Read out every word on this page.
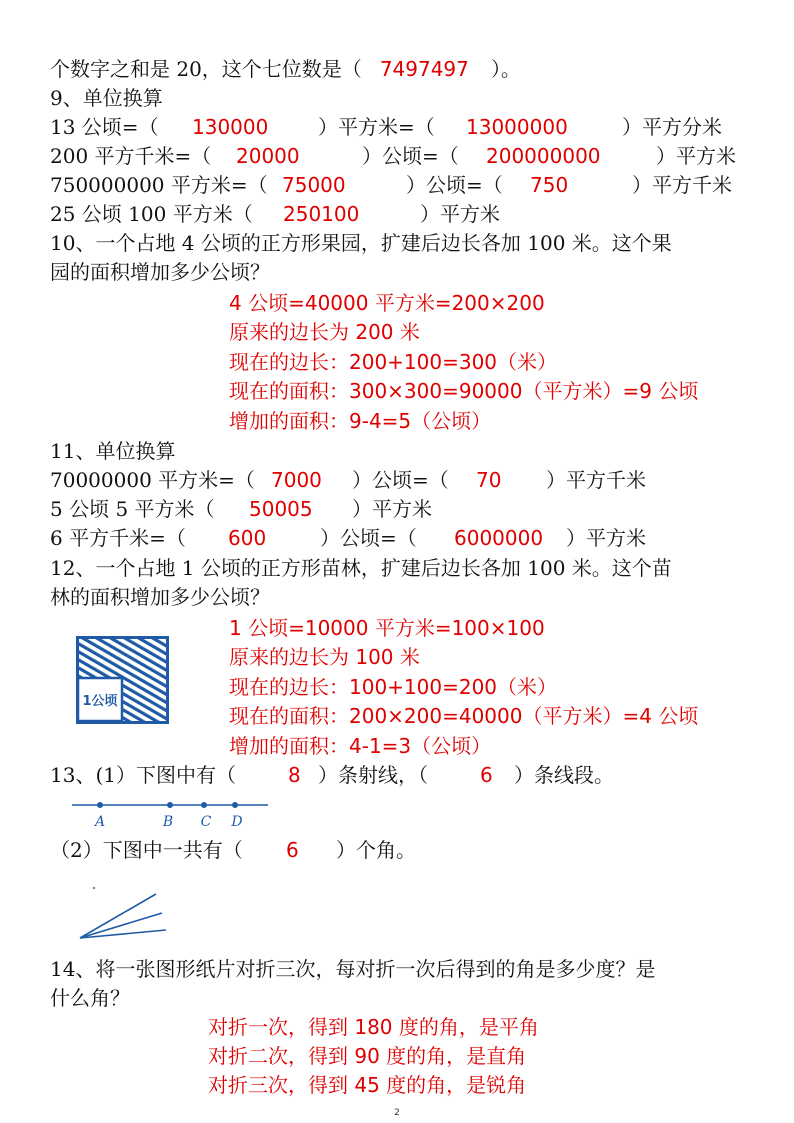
个数字之和是 20，这个七位数是（ 7497497 ）。
9、单位换算
13 公顷=（ 130000 ）平方米=（ 13000000	）平方分米
200 平方千米=（ 20000	）公顷=（ 200000000	）平方米
750000000 平方米=（ 75000	）公顷=（ 750	）平方千米
25 公顷 100 平方米（ 250100	）平方米
10、一个占地 4 公顷的正方形果园，扩建后边长各加 100 米。这个果
园的面积增加多少公顷？
4 公顷=40000 平方米=200×200
原来的边长为 200 米
现在的边长：200+100=300（米）
现在的面积：300×300=90000（平方米）=9 公顷
增加的面积：9-4=5（公顷）
11、单位换算
70000000 平方米=（ 7000 ）公顷=（ 70 ）平方千米
5 公顷 5 平方米（ 50005 ）平方米
6 平方千米=（ 600	）公顷=（ 6000000 ）平方米
12、一个占地 1 公顷的正方形苗林，扩建后边长各加 100 米。这个苗
林的面积增加多少公顷？
1公顷
1 公顷=10000 平方米=100×100
原来的边长为 100 米
现在的边长：100+100=200（米）
现在的面积：200×200=40000（平方米）=4 公顷
增加的面积：4-1=3（公顷）
13、(1）下图中有（	8 ）条射线，（	6 ）条线段。
A	B C D
（2）下图中一共有（ 6 ）个角。
14、将一张图形纸片对折三次，每对折一次后得到的角是多少度？是
什么角？
对折一次，得到 180 度的角，是平角
对折二次，得到 90 度的角，是直角
对折三次，得到 45 度的角，是锐角
2
